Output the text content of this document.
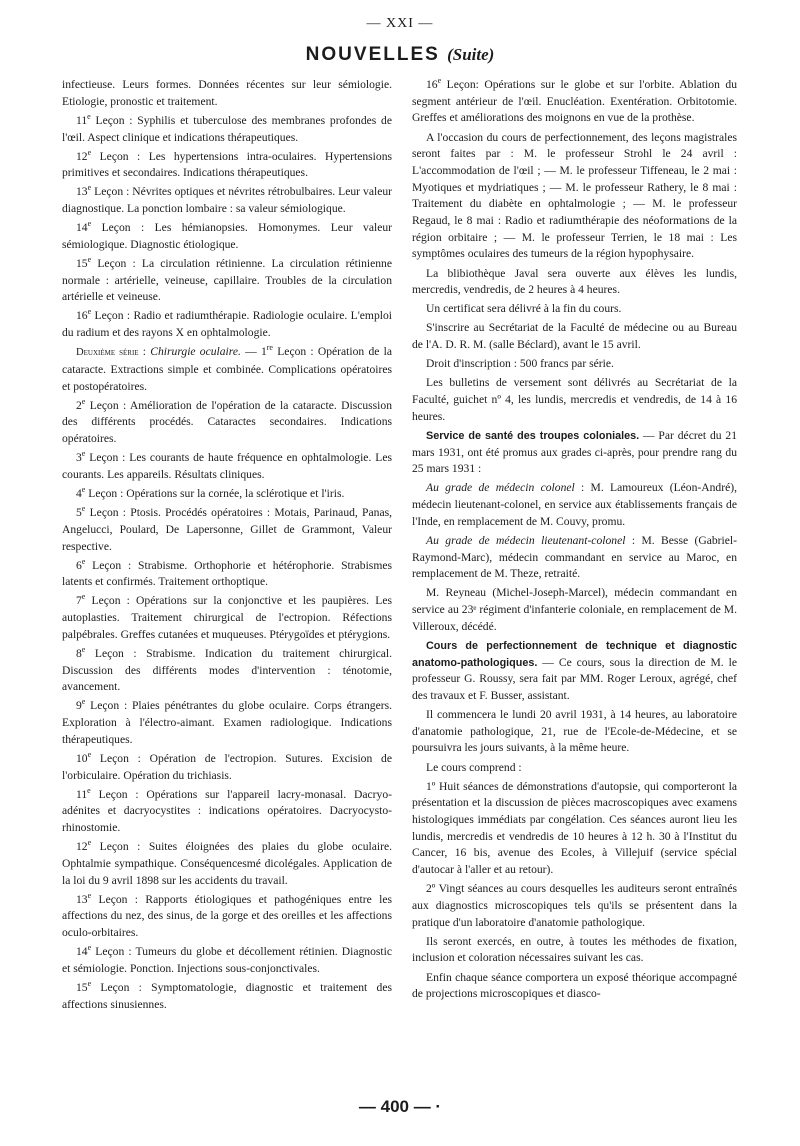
— XXI —
NOUVELLES (Suite)

infectieuse. Leurs formes. Données récentes sur leur sémiologie. Etiologie, pronostic et traitement.

11e Leçon : Syphilis et tuberculose des membranes profondes de l'œil. Aspect clinique et indications thérapeutiques.

12e Leçon : Les hypertensions intra-oculaires. Hypertensions primitives et secondaires. Indications thérapeutiques.

13e Leçon : Névrites optiques et névrites rétrobulbaires. Leur valeur diagnostique. La ponction lombaire : sa valeur sémiologique.

14e Leçon : Les hémianopsies. Homonymes. Leur valeur sémiologique. Diagnostic étiologique.

15e Leçon : La circulation rétinienne. La circulation rétinienne normale : artérielle, veineuse, capillaire. Troubles de la circulation artérielle et veineuse.

16e Leçon : Radio et radiumthérapie. Radiologie oculaire. L'emploi du radium et des rayons X en ophtalmologie.

Deuxième série : Chirurgie oculaire. — 1re Leçon : Opération de la cataracte. Extractions simple et combinée. Complications opératoires et postopératoires.

2e Leçon : Amélioration de l'opération de la cataracte. Discussion des différents procédés. Cataractes secondaires. Indications opératoires.

3e Leçon : Les courants de haute fréquence en ophtalmologie. Les courants. Les appareils. Résultats cliniques.

4e Leçon : Opérations sur la cornée, la sclérotique et l'iris.

5e Leçon : Ptosis. Procédés opératoires : Motais, Parinaud, Panas, Angelucci, Poulard, De Lapersonne, Gillet de Grammont, Valeur respective.

6e Leçon : Strabisme. Orthophorie et hétérophorie. Strabismes latents et confirmés. Traitement orthoptique.

7e Leçon : Opérations sur la conjonctive et les paupières. Les autoplasties. Traitement chirurgical de l'ectropion. Réfections palpébrales. Greffes cutanées et muqueuses. Ptérygoïdes et ptérygions.

8e Leçon : Strabisme. Indication du traitement chirurgical. Discussion des différents modes d'intervention : ténotomie, avancement.

9e Leçon : Plaies pénétrantes du globe oculaire. Corps étrangers. Exploration à l'électro-aimant. Examen radiologique. Indications thérapeutiques.

10e Leçon : Opération de l'ectropion. Sutures. Excision de l'orbiculaire. Opération du trichiasis.

11e Leçon : Opérations sur l'appareil lacry-monasal. Dacryo-adénites et dacryocystites : indications opératoires. Dacryocysto-rhinostomie.

12e Leçon : Suites éloignées des plaies du globe oculaire. Ophtalmie sympathique. Conséquencesmé dicolégales. Application de la loi du 9 avril 1898 sur les accidents du travail.

13e Leçon : Rapports étiologiques et pathogéniques entre les affections du nez, des sinus, de la gorge et des oreilles et les affections oculo-orbitaires.

14e Leçon : Tumeurs du globe et décollement rétinien. Diagnostic et sémiologie. Ponction. Injections sous-conjonctivales.

15e Leçon : Symptomatologie, diagnostic et traitement des affections sinusiennes.

16e Leçon: Opérations sur le globe et sur l'orbite. Ablation du segment antérieur de l'œil. Enucléation. Exentération. Orbitotomie. Greffes et améliorations des moignons en vue de la prothèse.

A l'occasion du cours de perfectionnement, des leçons magistrales seront faites par : M. le professeur Strohl le 24 avril : L'accommodation de l'œil ; — M. le professeur Tiffeneau, le 2 mai : Myotiques et mydriatiques ; — M. le professeur Rathery, le 8 mai : Traitement du diabète en ophtalmologie ; — M. le professeur Regaud, le 8 mai : Radio et radiumthérapie des néoformations de la région orbitaire ; — M. le professeur Terrien, le 18 mai : Les symptômes oculaires des tumeurs de la région hypophysaire.

La blibiothèque Javal sera ouverte aux élèves les lundis, mercredis, vendredis, de 2 heures à 4 heures.

Un certificat sera délivré à la fin du cours.

S'inscrire au Secrétariat de la Faculté de médecine ou au Bureau de l'A. D. R. M. (salle Béclard), avant le 15 avril.

Droit d'inscription : 500 francs par série.

Les bulletins de versement sont délivrés au Secrétariat de la Faculté, guichet nº 4, les lundis, mercredis et vendredis, de 14 à 16 heures.

Service de santé des troupes coloniales. — Par décret du 21 mars 1931, ont été promus aux grades ci-après, pour prendre rang du 25 mars 1931 :

Au grade de médecin colonel : M. Lamoureux (Léon-André), médecin lieutenant-colonel, en service aux établissements français de l'Inde, en remplacement de M. Couvy, promu.

Au grade de médecin lieutenant-colonel : M. Besse (Gabriel-Raymond-Marc), médecin commandant en service au Maroc, en remplacement de M. Theze, retraité.

M. Reyneau (Michel-Joseph-Marcel), médecin commandant en service au 23ᵉ régiment d'infanterie coloniale, en remplacement de M. Villeroux, décédé.

Cours de perfectionnement de technique et diagnostic anatomo-pathologiques. — Ce cours, sous la direction de M. le professeur G. Roussy, sera fait par MM. Roger Leroux, agrégé, chef des travaux et F. Busser, assistant.

Il commencera le lundi 20 avril 1931, à 14 heures, au laboratoire d'anatomie pathologique, 21, rue de l'Ecole-de-Médecine, et se poursuivra les jours suivants, à la même heure.

Le cours comprend :

1º Huit séances de démonstrations d'autopsie, qui comporteront la présentation et la discussion de pièces macroscopiques avec examens histologiques immédiats par congélation. Ces séances auront lieu les lundis, mercredis et vendredis de 10 heures à 12 h. 30 à l'Institut du Cancer, 16 bis, avenue des Ecoles, à Villejuif (service spécial d'autocar à l'aller et au retour).

2º Vingt séances au cours desquelles les auditeurs seront entraînés aux diagnostics microscopiques tels qu'ils se présentent dans la pratique d'un laboratoire d'anatomie pathologique.

Ils seront exercés, en outre, à toutes les méthodes de fixation, inclusion et coloration nécessaires suivant les cas.

Enfin chaque séance comportera un exposé théorique accompagné de projections microscopiques et diasco-

— 400 — ·
